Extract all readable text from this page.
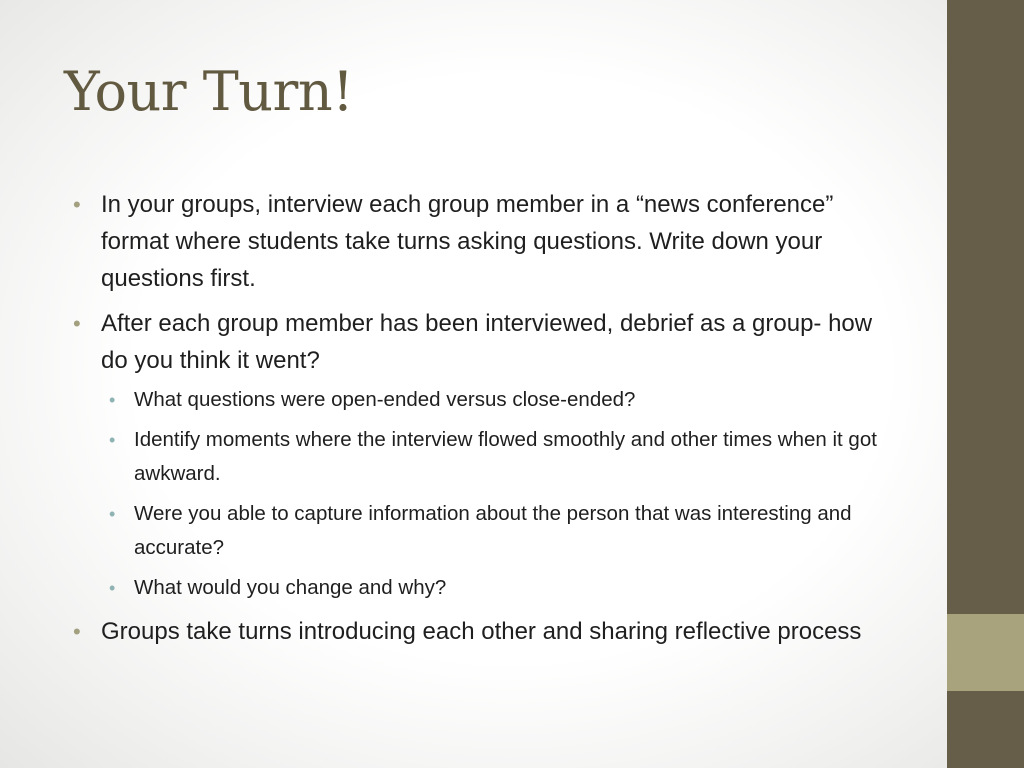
Your Turn!
• In your groups, interview each group member in a “news conference” format where students take turns asking questions. Write down your questions first.
• After each group member has been interviewed, debrief as a group- how do you think it went?
• What questions were open-ended versus close-ended?
• Identify moments where the interview flowed smoothly and other times when it got awkward.
• Were you able to capture information about the person that was interesting and accurate?
• What would you change and why?
• Groups take turns introducing each other and sharing reflective process
